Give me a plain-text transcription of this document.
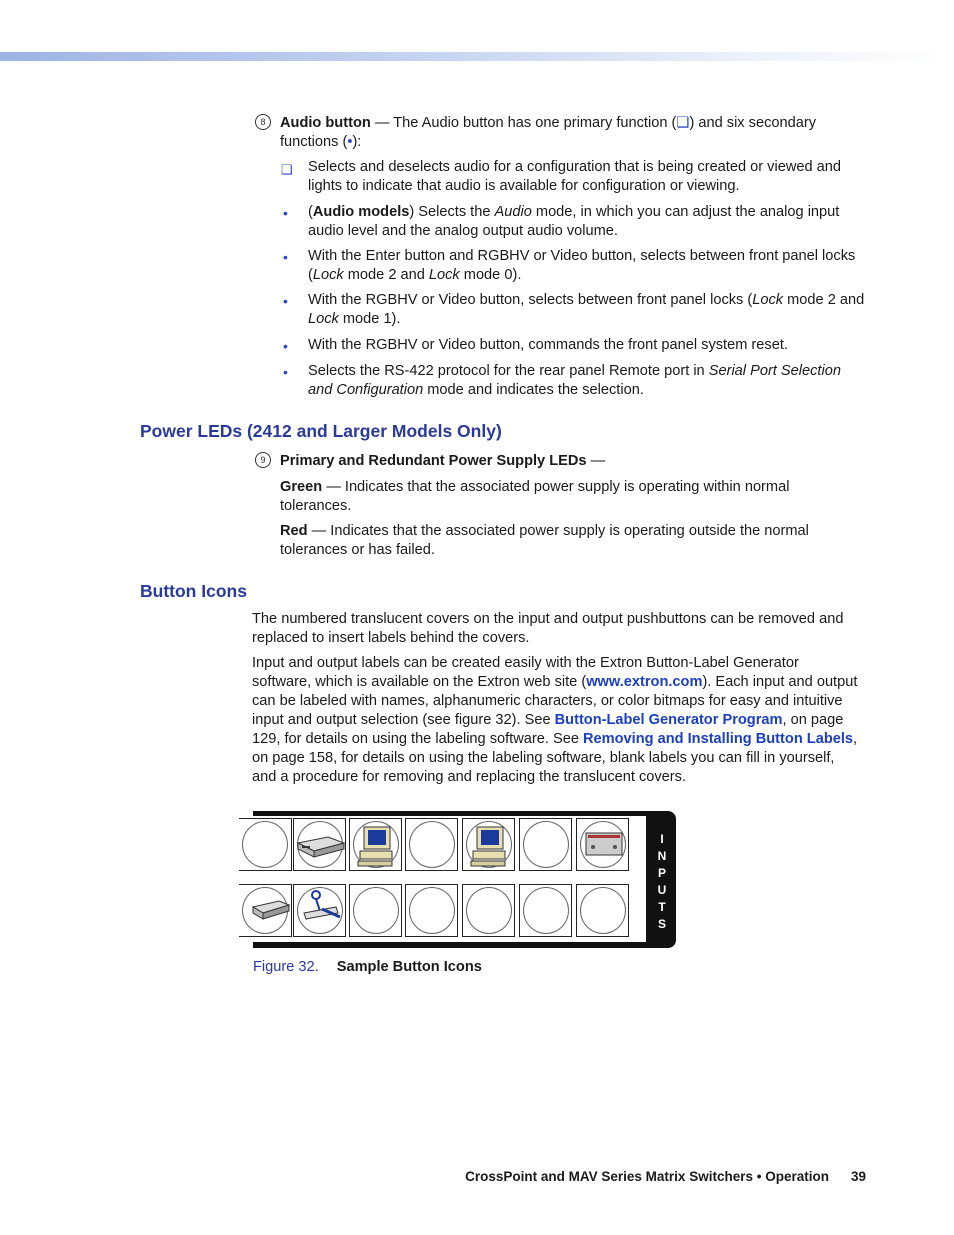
8 Audio button — The Audio button has one primary function (❑) and six secondary functions (•):

❑ Selects and deselects audio for a configuration that is being created or viewed and lights to indicate that audio is available for configuration or viewing.

• (Audio models) Selects the Audio mode, in which you can adjust the analog input audio level and the analog output audio volume.

• With the Enter button and RGBHV or Video button, selects between front panel locks (Lock mode 2 and Lock mode 0).

• With the RGBHV or Video button, selects between front panel locks (Lock mode 2 and Lock mode 1).

• With the RGBHV or Video button, commands the front panel system reset.

• Selects the RS-422 protocol for the rear panel Remote port in Serial Port Selection and Configuration mode and indicates the selection.

Power LEDs (2412 and Larger Models Only)
9 Primary and Redundant Power Supply LEDs —

Green — Indicates that the associated power supply is operating within normal tolerances.

Red — Indicates that the associated power supply is operating outside the normal tolerances or has failed.

Button Icons

The numbered translucent covers on the input and output pushbuttons can be removed and replaced to insert labels behind the covers.

Input and output labels can be created easily with the Extron Button-Label Generator software, which is available on the Extron web site (www.extron.com). Each input and output can be labeled with names, alphanumeric characters, or color bitmaps for easy and intuitive input and output selection (see figure 32). See Button-Label Generator Program, on page 129, for details on using the labeling software. See Removing and Installing Button Labels, on page 158, for details on using the labeling software, blank labels you can fill in yourself, and a procedure for removing and replacing the translucent covers.

I
N
P
U
T
S

Figure 32. Sample Button Icons

CrossPoint and MAV Series Matrix Switchers • Operation 39
